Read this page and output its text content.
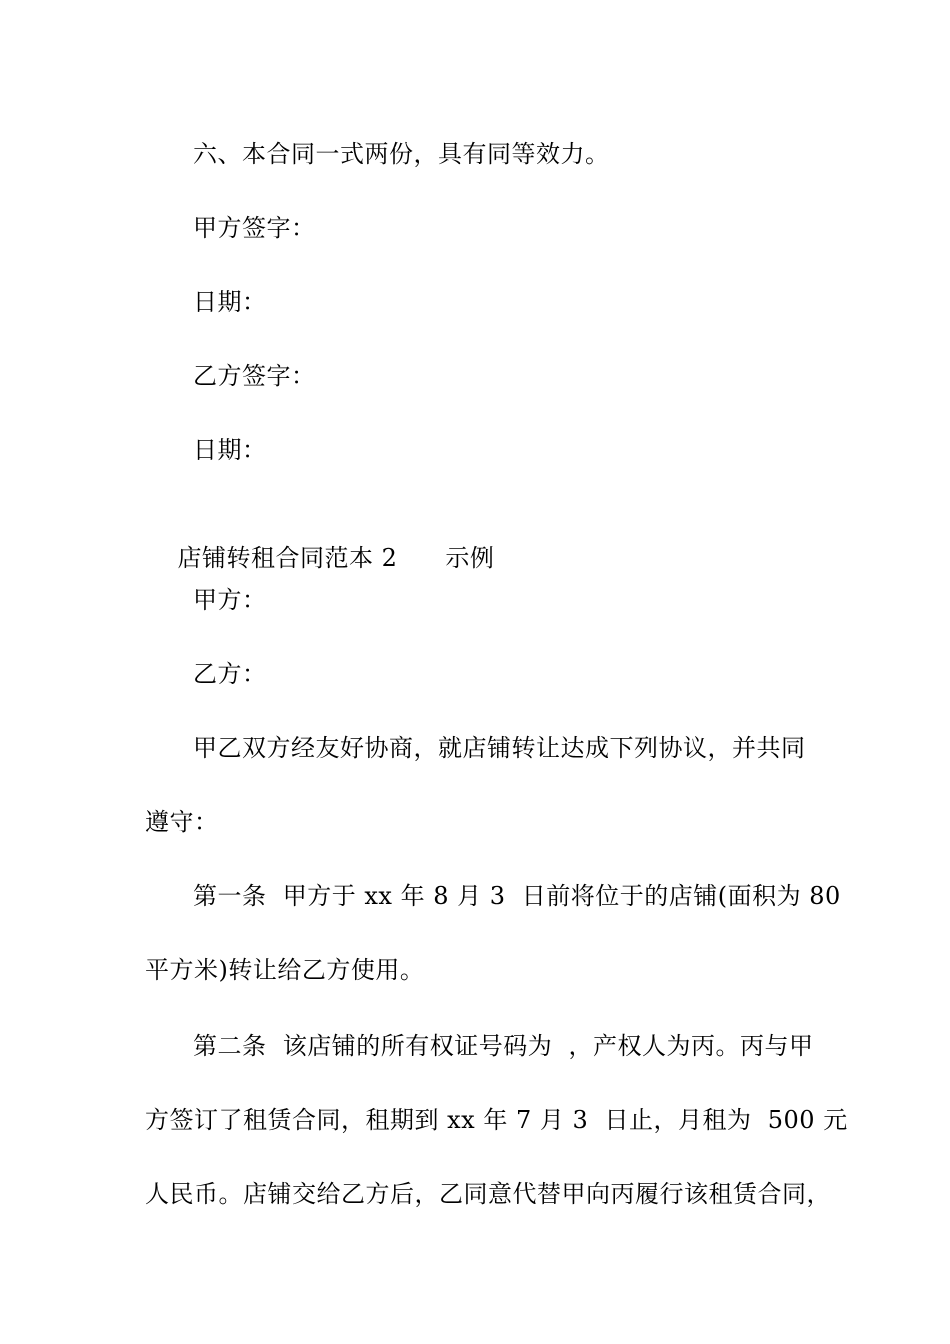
六、本合同一式两份，具有同等效力。
甲方签字：
日期：
乙方签字：
日期：

店铺转租合同范本 2 示例

甲方：
乙方：
甲乙双方经友好协商，就店铺转让达成下列协议，并共同
遵守：
第一条  甲方于 xx 年 8 月 3  日前将位于的店铺(面积为 80
平方米)转让给乙方使用。
第二条  该店铺的所有权证号码为  ，产权人为丙。丙与甲
方签订了租赁合同，租期到 xx 年 7 月 3  日止，月租为  500 元
人民币。店铺交给乙方后，乙同意代替甲向丙履行该租赁合同，
